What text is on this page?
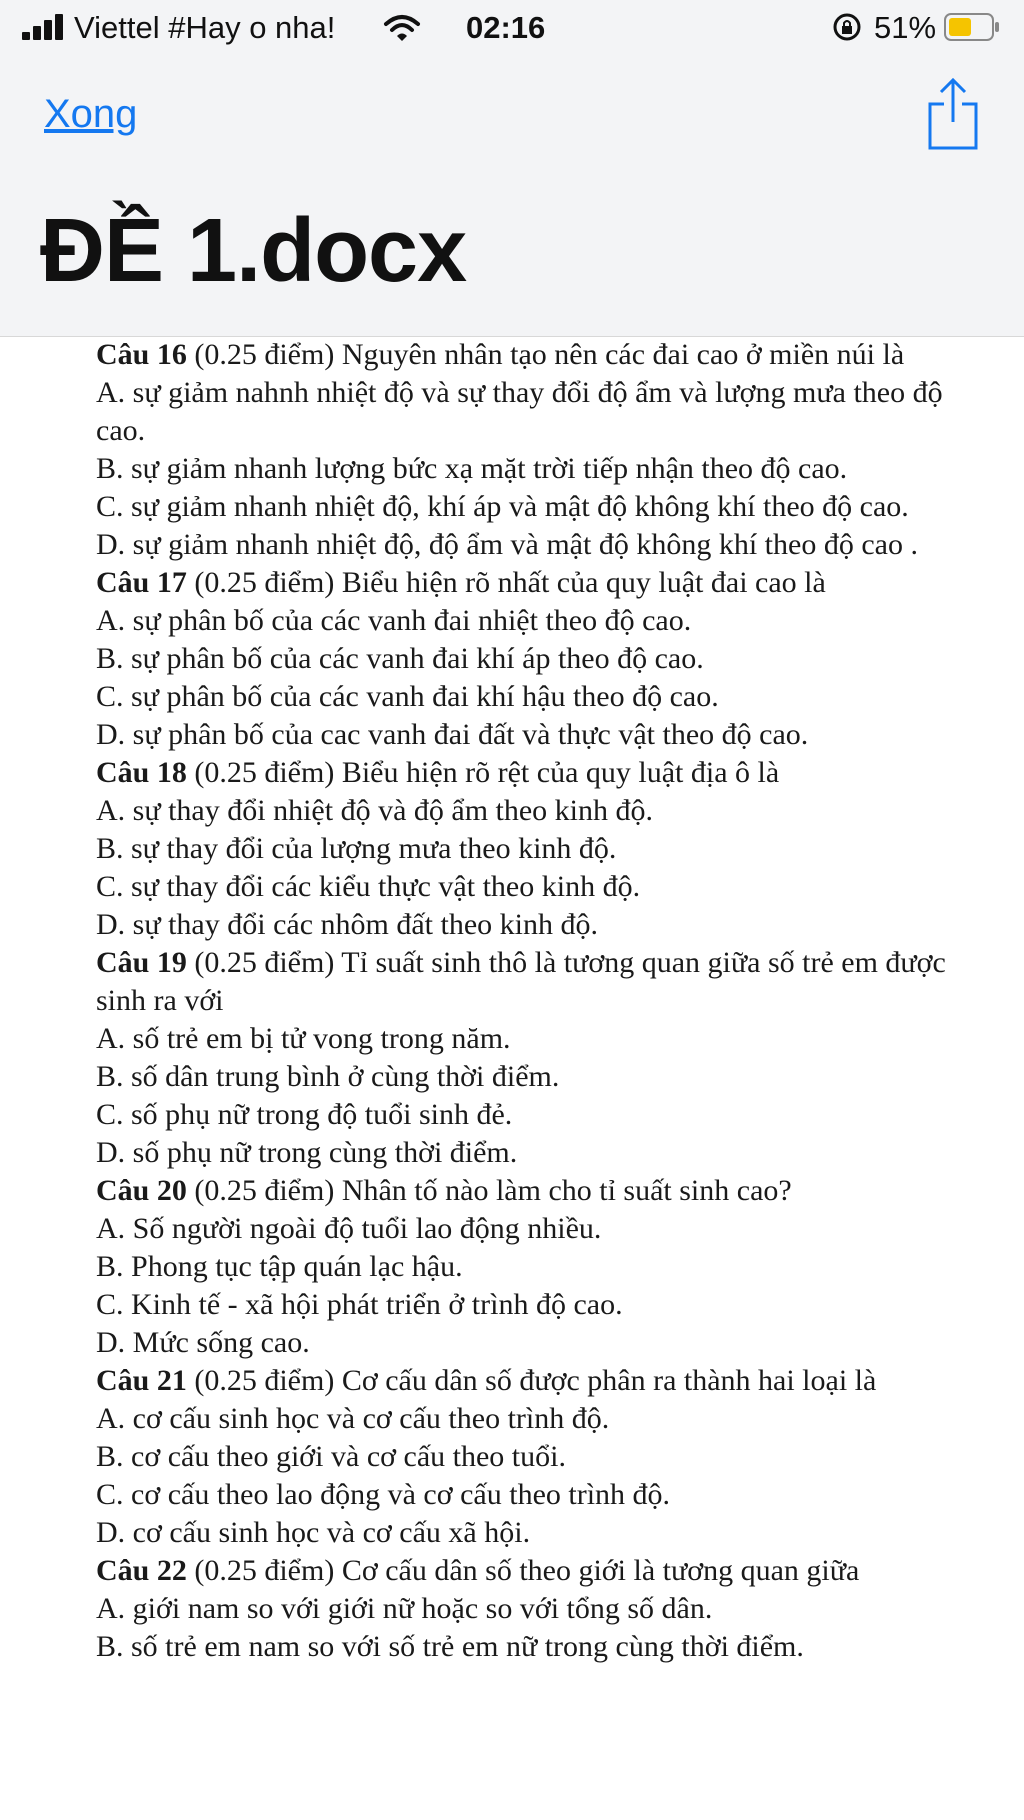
Viettel #Hay o nha!	02:16	51%
Xong
ĐỀ 1.docx

Câu 16 (0.25 điểm) Nguyên nhân tạo nên các đai cao ở miền núi là

A. sự giảm nahnh nhiệt độ và sự thay đổi độ ẩm và lượng mưa theo độ cao.

B. sự giảm nhanh lượng bức xạ mặt trời tiếp nhận theo độ cao.

C. sự giảm nhanh nhiệt độ, khí áp và mật độ không khí theo độ cao.

D. sự giảm nhanh nhiệt độ, độ ẩm và mật độ không khí theo độ cao .

Câu 17 (0.25 điểm) Biểu hiện rõ nhất của quy luật đai cao là

A. sự phân bố của các vanh đai nhiệt theo độ cao.

B. sự phân bố của các vanh đai khí áp theo độ cao.

C. sự phân bố của các vanh đai khí hậu theo độ cao.

D. sự phân bố của cac vanh đai đất và thực vật theo độ cao.

Câu 18 (0.25 điểm) Biểu hiện rõ rệt của quy luật địa ô là

A. sự thay đổi nhiệt độ và độ ẩm theo kinh độ.

B. sự thay đổi của lượng mưa theo kinh độ.

C. sự thay đổi các kiểu thực vật theo kinh độ.

D. sự thay đổi các nhôm đất theo kinh độ.

Câu 19 (0.25 điểm) Tỉ suất sinh thô là tương quan giữa số trẻ em được sinh ra với

A. số trẻ em bị tử vong trong năm.

B. số dân trung bình ở cùng thời điểm.

C. số phụ nữ trong độ tuổi sinh đẻ.

D. số phụ nữ trong cùng thời điểm.

Câu 20 (0.25 điểm) Nhân tố nào làm cho tỉ suất sinh cao?

A. Số người ngoài độ tuổi lao động nhiều.

B. Phong tục tập quán lạc hậu.

C. Kinh tế - xã hội phát triển ở trình độ cao.

D. Mức sống cao.

Câu 21 (0.25 điểm) Cơ cấu dân số được phân ra thành hai loại là

A. cơ cấu sinh học và cơ cấu theo trình độ.

B. cơ cấu theo giới và cơ cấu theo tuổi.

C. cơ cấu theo lao động và cơ cấu theo trình độ.

D. cơ cấu sinh học và cơ cấu xã hội.

Câu 22 (0.25 điểm) Cơ cấu dân số theo giới là tương quan giữa

A. giới nam so với giới nữ hoặc so với tổng số dân.

B. số trẻ em nam so với số trẻ em nữ trong cùng thời điểm.
